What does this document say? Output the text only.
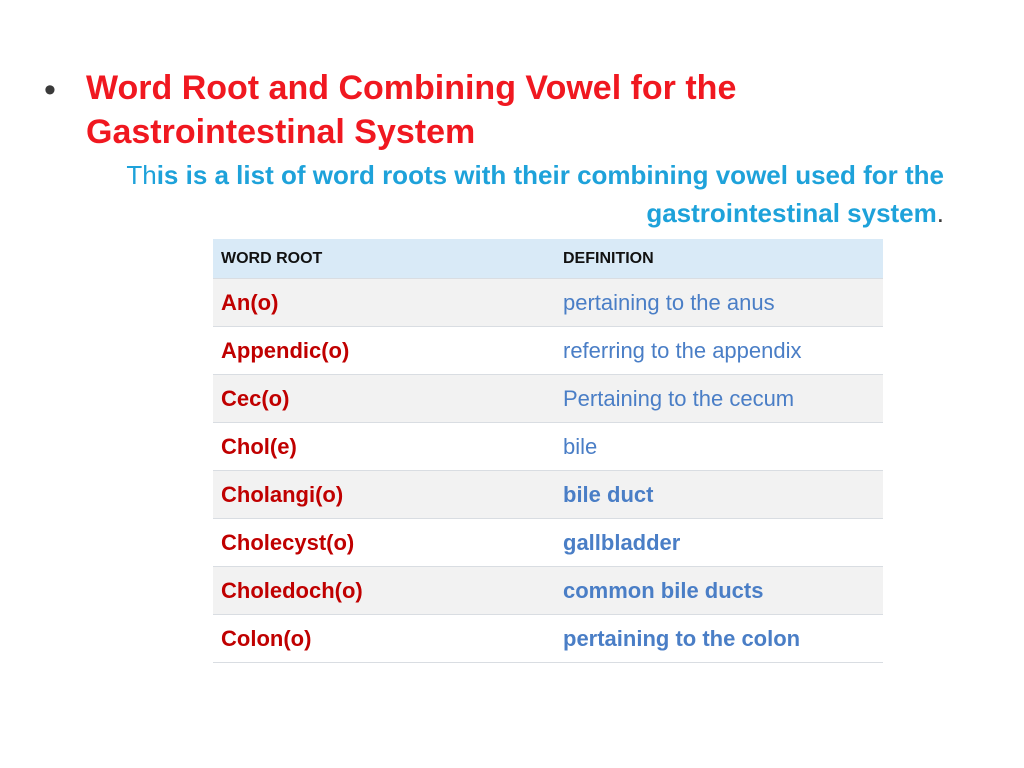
• Word Root and Combining Vowel for the Gastrointestinal System
This is a list of word roots with their combining vowel used for the gastrointestinal system.
WORD ROOT	DEFINITION
An(o)	pertaining to the anus
Appendic(o)	referring to the appendix
Cec(o)	Pertaining to the cecum
Chol(e)	bile
Cholangi(o)	bile duct
Cholecyst(o)	gallbladder
Choledoch(o)	common bile ducts
Colon(o)	pertaining to the colon
